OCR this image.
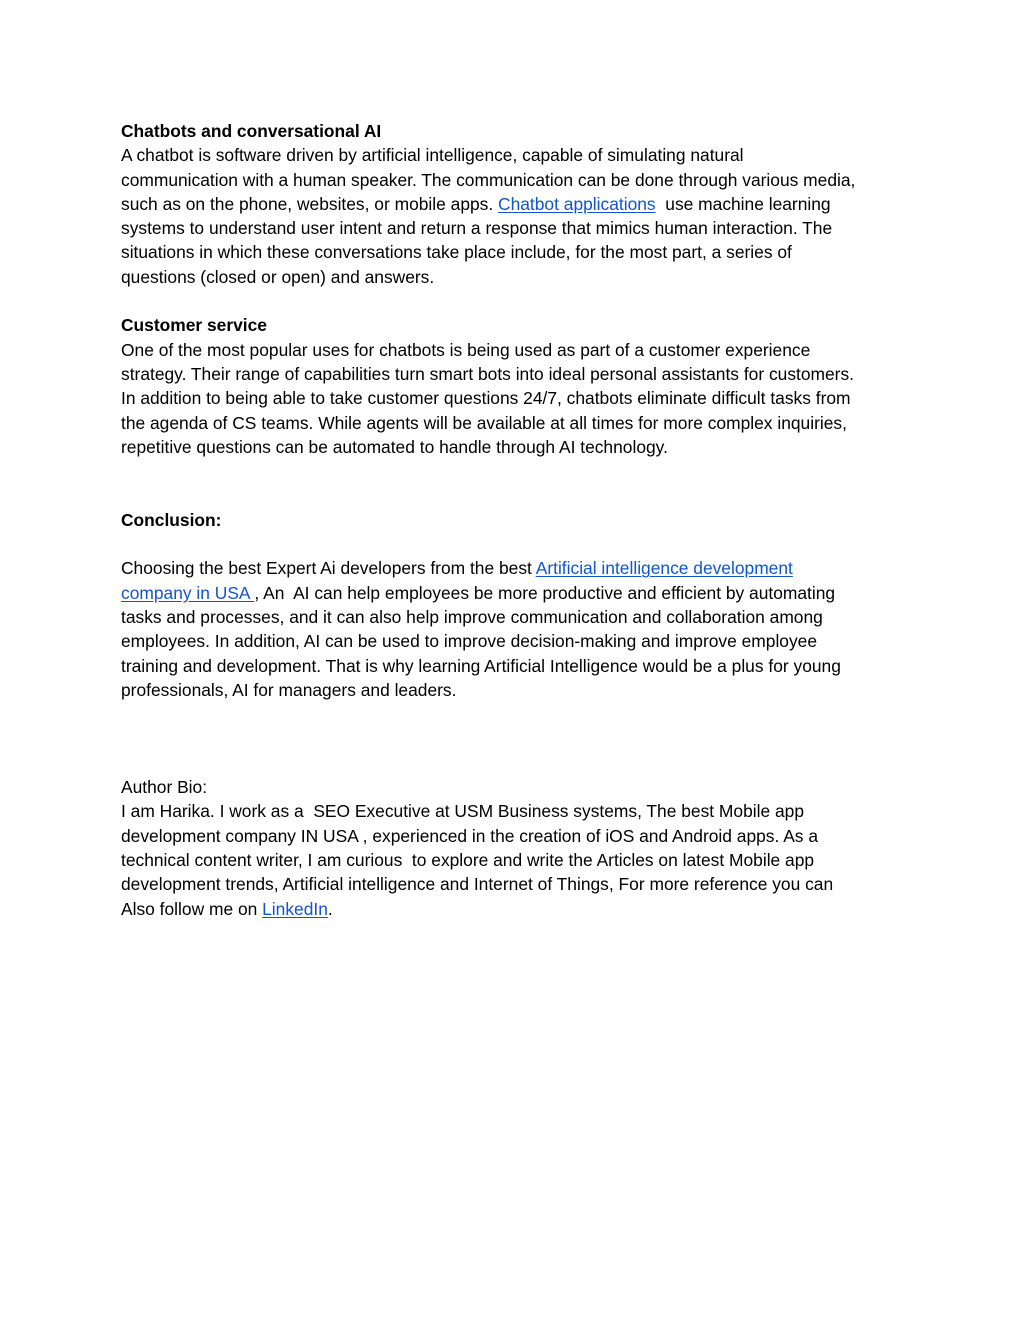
Chatbots and conversational AI
A chatbot is software driven by artificial intelligence, capable of simulating natural
communication with a human speaker. The communication can be done through various media,
such as on the phone, websites, or mobile apps. Chatbot applications  use machine learning
systems to understand user intent and return a response that mimics human interaction. The
situations in which these conversations take place include, for the most part, a series of
questions (closed or open) and answers.
Customer service
One of the most popular uses for chatbots is being used as part of a customer experience
strategy. Their range of capabilities turn smart bots into ideal personal assistants for customers.
In addition to being able to take customer questions 24/7, chatbots eliminate difficult tasks from
the agenda of CS teams. While agents will be available at all times for more complex inquiries,
repetitive questions can be automated to handle through AI technology.
Conclusion:
Choosing the best Expert Ai developers from the best Artificial intelligence development
company in USA , An  AI can help employees be more productive and efficient by automating
tasks and processes, and it can also help improve communication and collaboration among
employees. In addition, AI can be used to improve decision-making and improve employee
training and development. That is why learning Artificial Intelligence would be a plus for young
professionals, AI for managers and leaders.
Author Bio:
I am Harika. I work as a  SEO Executive at USM Business systems, The best Mobile app
development company IN USA , experienced in the creation of iOS and Android apps. As a
technical content writer, I am curious  to explore and write the Articles on latest Mobile app
development trends, Artificial intelligence and Internet of Things, For more reference you can
Also follow me on LinkedIn.
